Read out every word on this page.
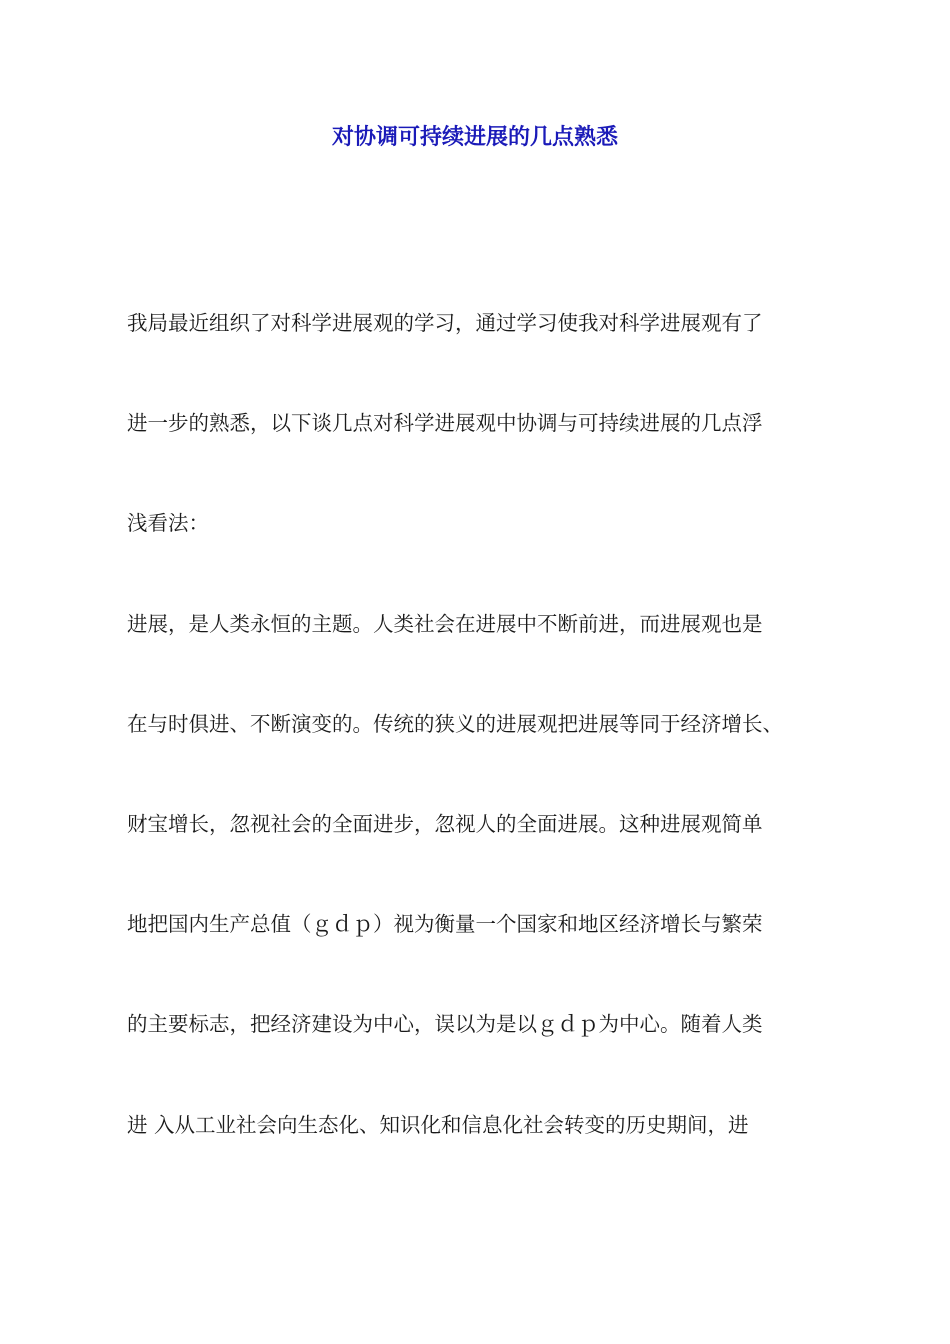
对协调可持续进展的几点熟悉

我局最近组织了对科学进展观的学习，通过学习使我对科学进展观有了

进一步的熟悉，以下谈几点对科学进展观中协调与可持续进展的几点浮

浅看法：

进展，是人类永恒的主题。人类社会在进展中不断前进，而进展观也是

在与时俱进、不断演变的。传统的狭义的进展观把进展等同于经济增长、

财宝增长，忽视社会的全面进步，忽视人的全面进展。这种进展观简单

地把国内生产总值（ｇｄｐ）视为衡量一个国家和地区经济增长与繁荣

的主要标志，把经济建设为中心，误以为是以ｇｄｐ为中心。随着人类

进 入从工业社会向生态化、知识化和信息化社会转变的历史期间，进
